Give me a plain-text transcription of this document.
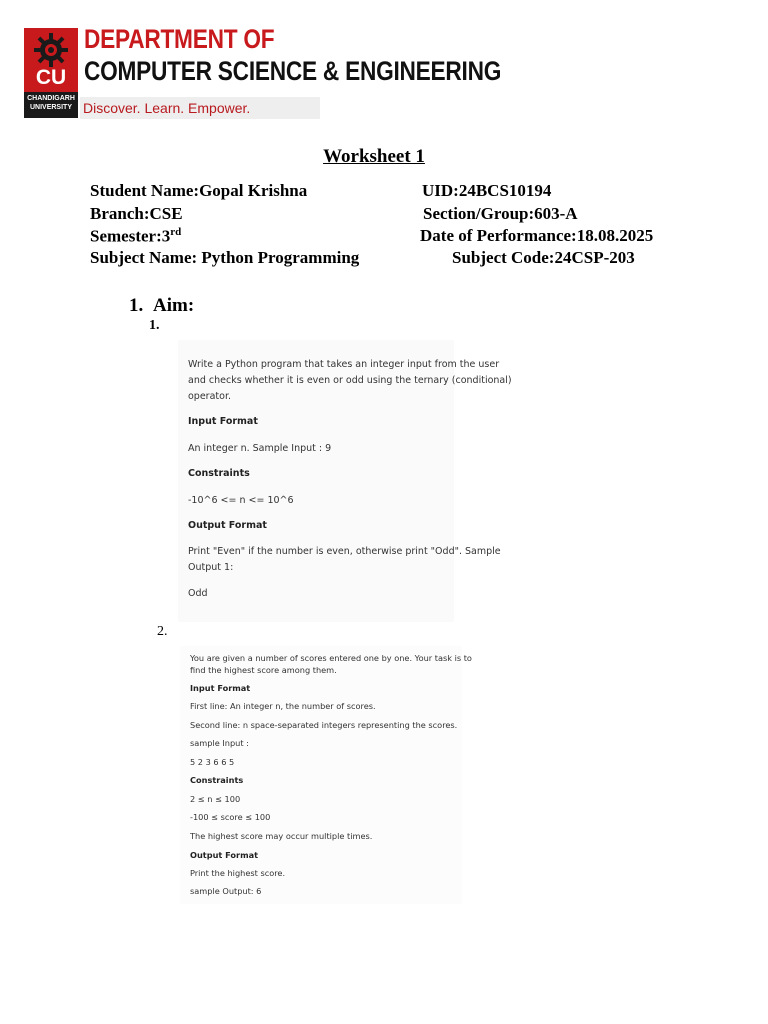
CU
CHANDIGARH
UNIVERSITY
DEPARTMENT OF
COMPUTER SCIENCE & ENGINEERING
Discover. Learn. Empower.
Worksheet 1
Student Name:Gopal Krishna	UID:24BCS10194
Branch:CSE	Section/Group:603-A
Semester:3rd	Date of Performance:18.08.2025
Subject Name: Python Programming	Subject Code:24CSP-203
1. Aim:
1.
Write a Python program that takes an integer input from the user
and checks whether it is even or odd using the ternary (conditional)
operator.
Input Format
An integer n. Sample Input : 9
Constraints
-10^6 <= n <= 10^6
Output Format
Print "Even" if the number is even, otherwise print "Odd". Sample
Output 1:
Odd
2.
You are given a number of scores entered one by one. Your task is to
find the highest score among them.
Input Format
First line: An integer n, the number of scores.
Second line: n space-separated integers representing the scores.
sample Input :
5 2 3 6 6 5
Constraints
2 ≤ n ≤ 100
-100 ≤ score ≤ 100
The highest score may occur multiple times.
Output Format
Print the highest score.
sample Output: 6
